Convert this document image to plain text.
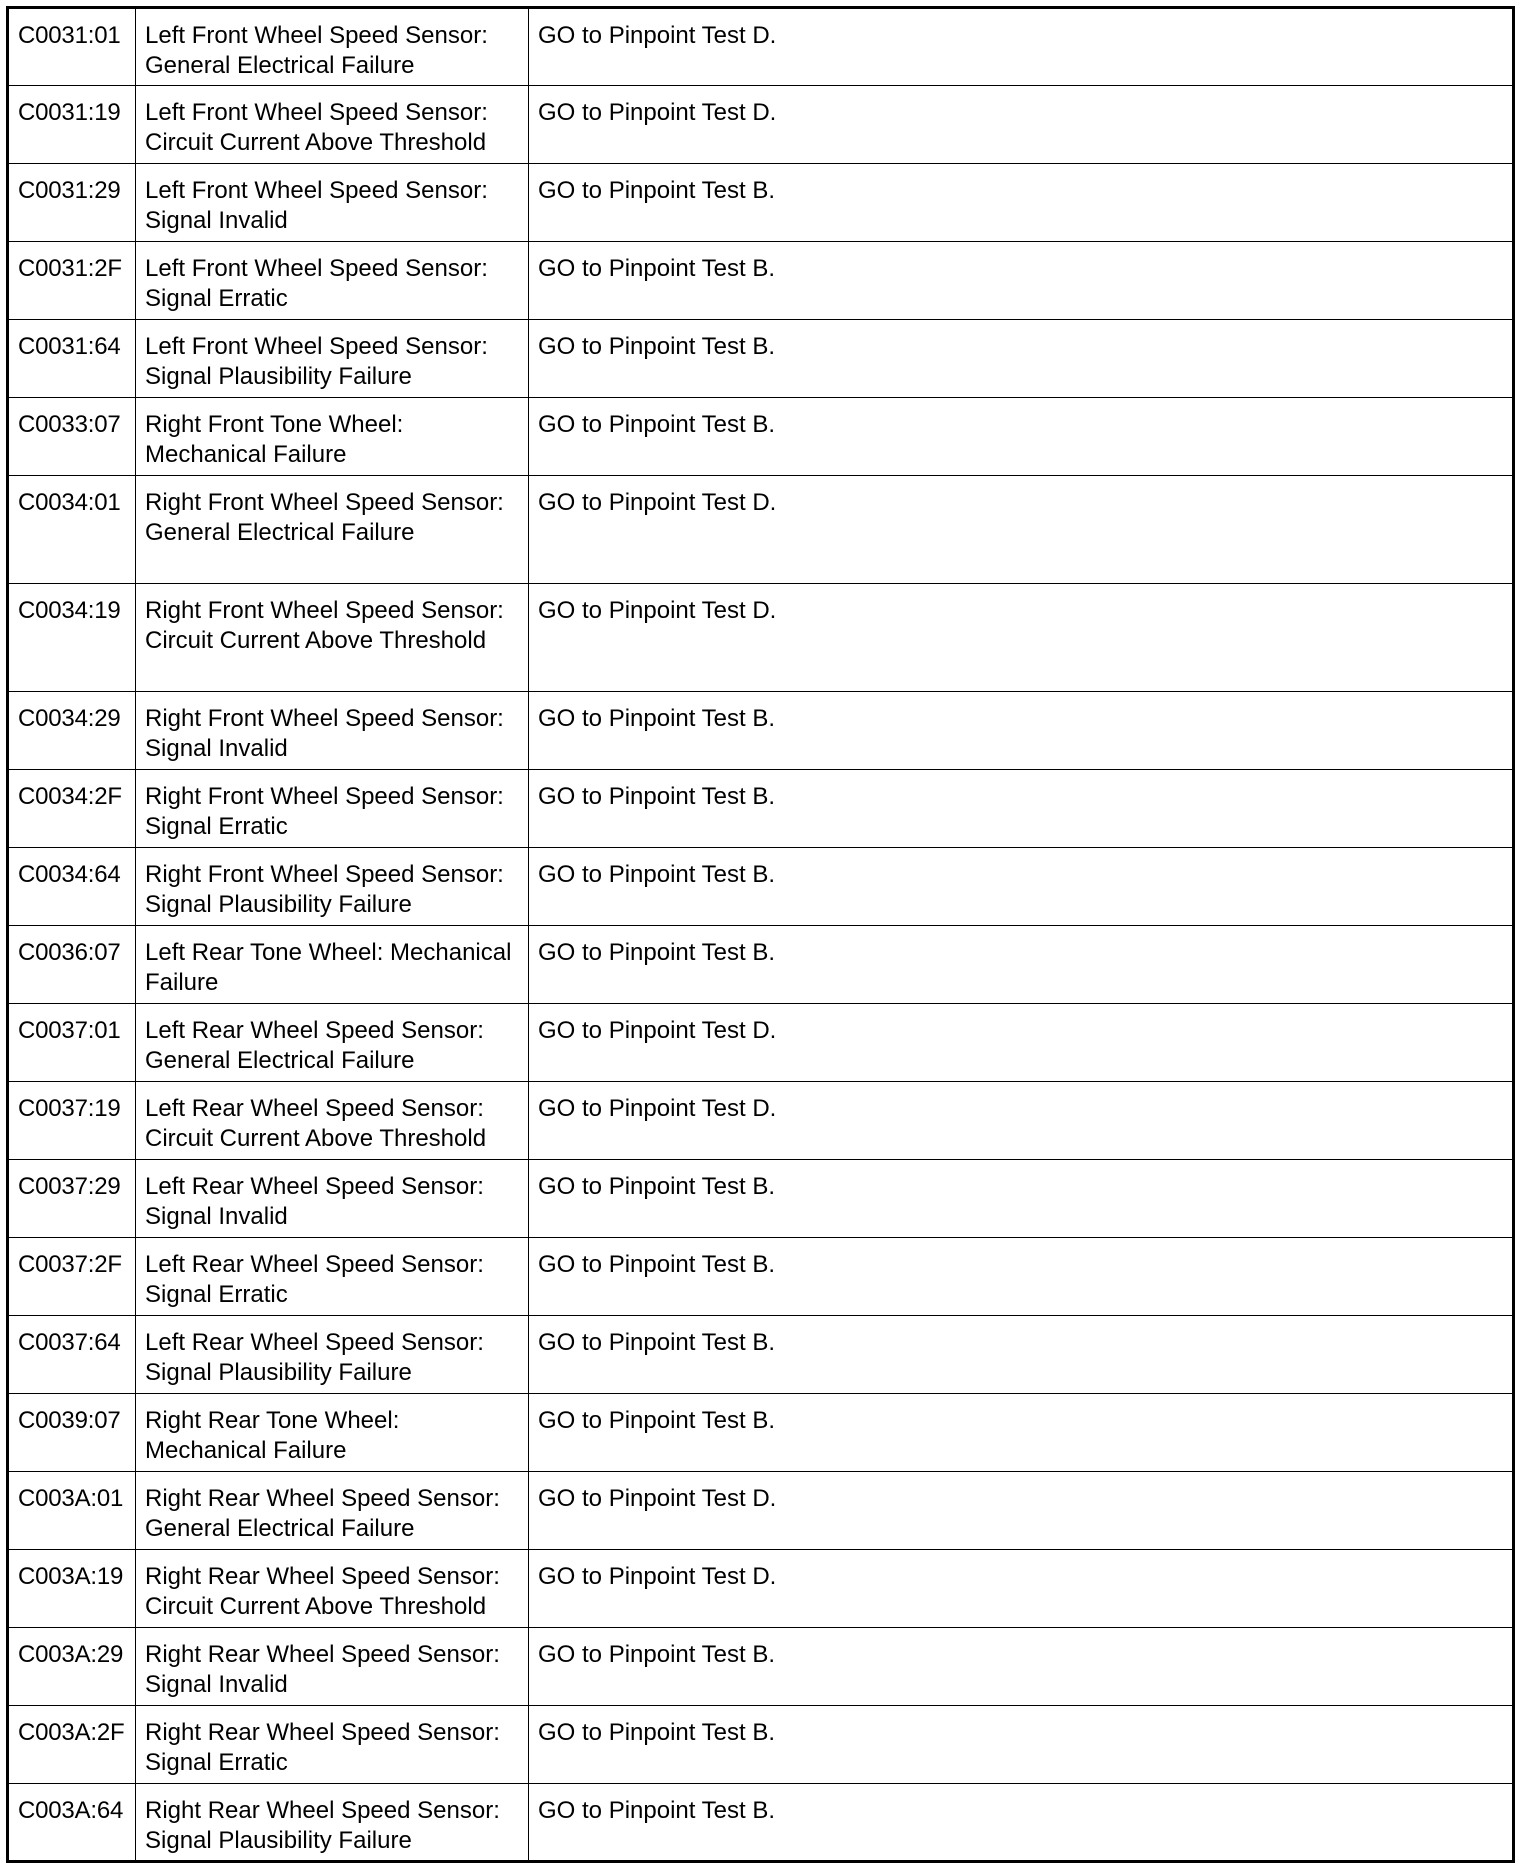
C0031:01	Left Front Wheel Speed Sensor: General Electrical Failure	GO to Pinpoint Test D.
C0031:19	Left Front Wheel Speed Sensor: Circuit Current Above Threshold	GO to Pinpoint Test D.
C0031:29	Left Front Wheel Speed Sensor: Signal Invalid	GO to Pinpoint Test B.
C0031:2F	Left Front Wheel Speed Sensor: Signal Erratic	GO to Pinpoint Test B.
C0031:64	Left Front Wheel Speed Sensor: Signal Plausibility Failure	GO to Pinpoint Test B.
C0033:07	Right Front Tone Wheel: Mechanical Failure	GO to Pinpoint Test B.
C0034:01	Right Front Wheel Speed Sensor: General Electrical Failure	GO to Pinpoint Test D.
C0034:19	Right Front Wheel Speed Sensor: Circuit Current Above Threshold	GO to Pinpoint Test D.
C0034:29	Right Front Wheel Speed Sensor: Signal Invalid	GO to Pinpoint Test B.
C0034:2F	Right Front Wheel Speed Sensor: Signal Erratic	GO to Pinpoint Test B.
C0034:64	Right Front Wheel Speed Sensor: Signal Plausibility Failure	GO to Pinpoint Test B.
C0036:07	Left Rear Tone Wheel: Mechanical Failure	GO to Pinpoint Test B.
C0037:01	Left Rear Wheel Speed Sensor: General Electrical Failure	GO to Pinpoint Test D.
C0037:19	Left Rear Wheel Speed Sensor: Circuit Current Above Threshold	GO to Pinpoint Test D.
C0037:29	Left Rear Wheel Speed Sensor: Signal Invalid	GO to Pinpoint Test B.
C0037:2F	Left Rear Wheel Speed Sensor: Signal Erratic	GO to Pinpoint Test B.
C0037:64	Left Rear Wheel Speed Sensor: Signal Plausibility Failure	GO to Pinpoint Test B.
C0039:07	Right Rear Tone Wheel: Mechanical Failure	GO to Pinpoint Test B.
C003A:01	Right Rear Wheel Speed Sensor: General Electrical Failure	GO to Pinpoint Test D.
C003A:19	Right Rear Wheel Speed Sensor: Circuit Current Above Threshold	GO to Pinpoint Test D.
C003A:29	Right Rear Wheel Speed Sensor: Signal Invalid	GO to Pinpoint Test B.
C003A:2F	Right Rear Wheel Speed Sensor: Signal Erratic	GO to Pinpoint Test B.
C003A:64	Right Rear Wheel Speed Sensor: Signal Plausibility Failure	GO to Pinpoint Test B.
